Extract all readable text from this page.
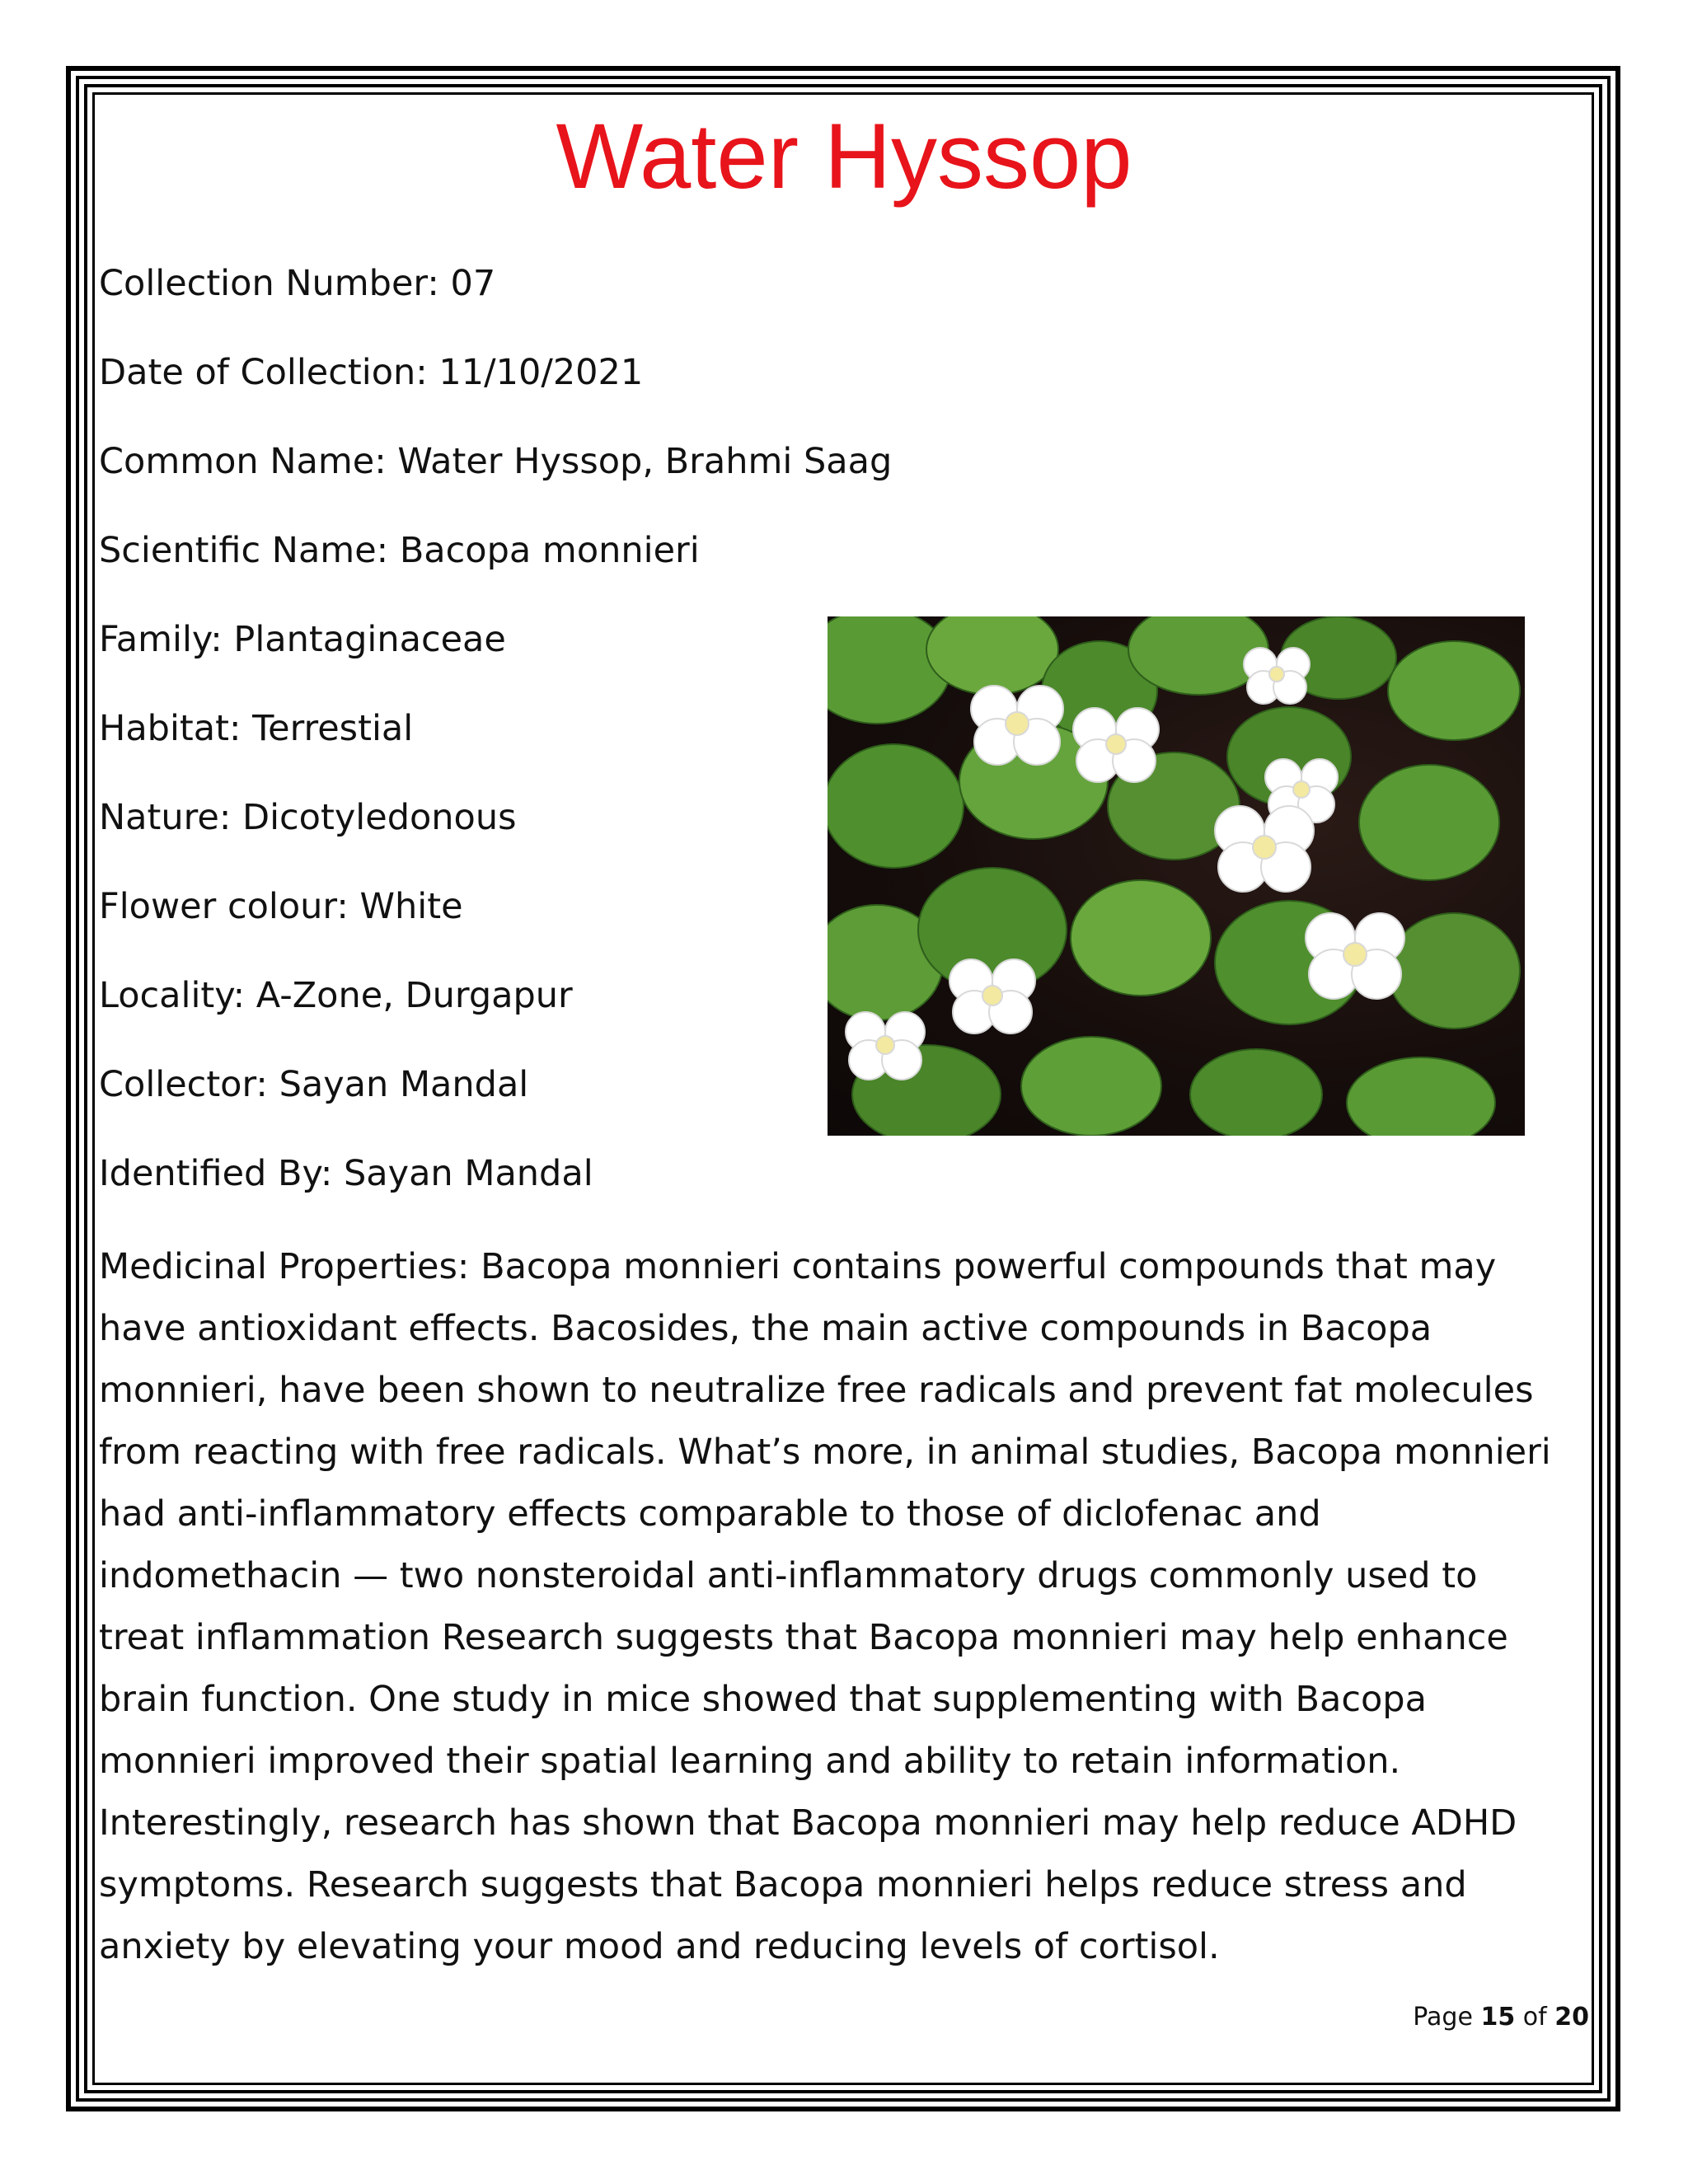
Water Hyssop
Collection Number: 07
Date of Collection: 11/10/2021
Common Name: Water Hyssop, Brahmi Saag
Scientific Name: Bacopa monnieri
Family: Plantaginaceae
Habitat: Terrestial
Nature: Dicotyledonous
Flower colour: White
Locality: A-Zone, Durgapur
Collector: Sayan Mandal
Identified By: Sayan Mandal
Medicinal Properties: Bacopa monnieri contains powerful compounds that may have antioxidant effects. Bacosides, the main active compounds in Bacopa monnieri, have been shown to neutralize free radicals and prevent fat molecules from reacting with free radicals. What’s more, in animal studies, Bacopa monnieri had anti-inflammatory effects comparable to those of diclofenac and indomethacin — two nonsteroidal anti-inflammatory drugs commonly used to treat inflammation Research suggests that Bacopa monnieri may help enhance brain function. One study in mice showed that supplementing with Bacopa monnieri improved their spatial learning and ability to retain information. Interestingly, research has shown that Bacopa monnieri may help reduce ADHD symptoms. Research suggests that Bacopa monnieri helps reduce stress and anxiety by elevating your mood and reducing levels of cortisol.
Page 15 of 20
